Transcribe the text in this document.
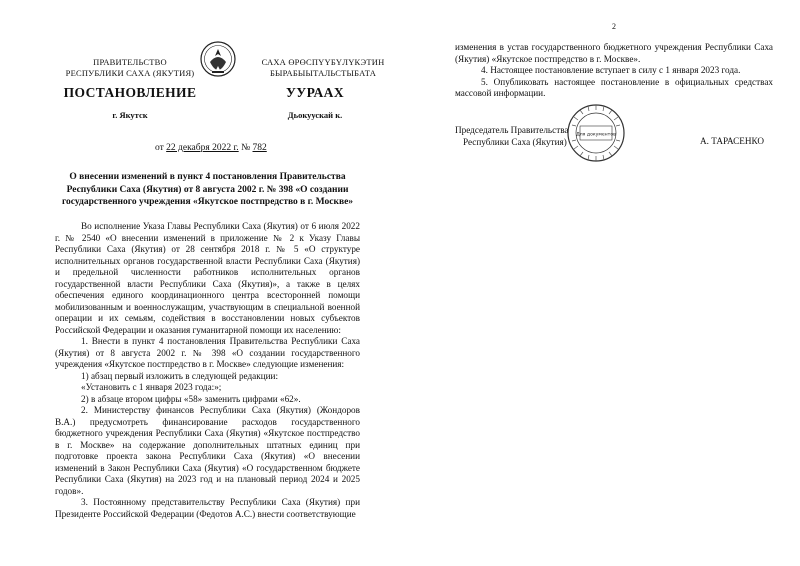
ПРАВИТЕЛЬСТВО
РЕСПУБЛИКИ САХА (ЯКУТИЯ)
САХА ӨРӨСПҮҮБҮЛҮКЭТИН
БЫРАБЫЫТАЛЬСТЫБАТА
ПОСТАНОВЛЕНИЕ	УУРААХ
г. Якутск	Дьокуускай к.
от 22 декабря 2022 г. № 782
О внесении изменений в пункт 4 постановления Правительства Республики Саха (Якутия) от 8 августа 2002 г. № 398 «О создании государственного учреждения «Якутское постпредство в г. Москве»

Во исполнение Указа Главы Республики Саха (Якутия) от 6 июля 2022 г. № 2540 «О внесении изменений в приложение № 2 к Указу Главы Республики Саха (Якутия) от 28 сентября 2018 г. № 5 «О структуре исполнительных органов государственной власти Республики Саха (Якутия) и предельной численности работников исполнительных органов государственной власти Республики Саха (Якутия)», а также в целях обеспечения единого координационного центра всесторонней помощи мобилизованным и военнослужащим, участвующим в специальной военной операции и их семьям, содействия в восстановлении новых субъектов Российской Федерации и оказания гуманитарной помощи их населению:

1. Внести в пункт 4 постановления Правительства Республики Саха (Якутия) от 8 августа 2002 г. № 398 «О создании государственного учреждения «Якутское постпредство в г. Москве» следующие изменения:

1) абзац первый изложить в следующей редакции:

«Установить с 1 января 2023 года:»;

2) в абзаце втором цифры «58» заменить цифрами «62».

2. Министерству финансов Республики Саха (Якутия) (Жондоров В.А.) предусмотреть финансирование расходов государственного бюджетного учреждения Республики Саха (Якутия) «Якутское постпредство в г. Москве» на содержание дополнительных штатных единиц при подготовке проекта закона Республики Саха (Якутия) «О внесении изменений в Закон Республики Саха (Якутия) «О государственном бюджете Республики Саха (Якутия) на 2023 год и на плановый период 2024 и 2025 годов».

3. Постоянному представительству Республики Саха (Якутия) при Президенте Российской Федерации (Федотов А.С.) внести соответствующие

2

изменения в устав государственного бюджетного учреждения Республики Саха (Якутия) «Якутское постпредство в г. Москве».

4. Настоящее постановление вступает в силу с 1 января 2023 года.

5. Опубликовать настоящее постановление в официальных средствах массовой информации.

Председатель Правительства
Республики Саха (Якутия)
Для документов
А. ТАРАСЕНКО
